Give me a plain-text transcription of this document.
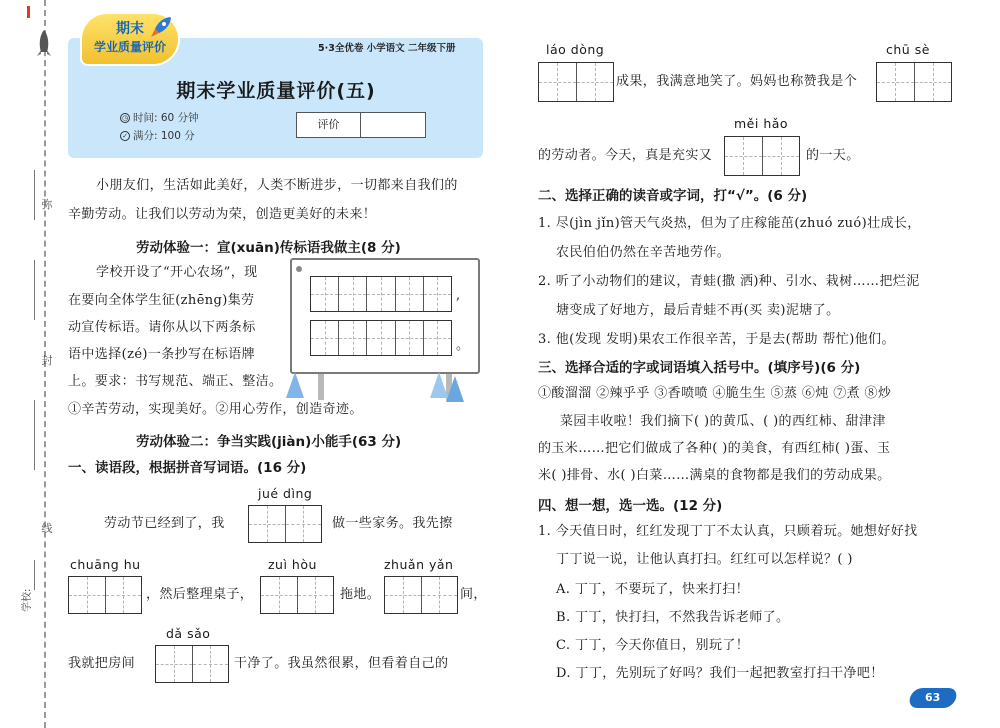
弥
封
线
学校:
期末
学业质量评价	5·3全优卷 小学语文 二年级下册
期末学业质量评价(五)
◷ 时间: 60 分钟
✓ 满分: 100 分
评价
小朋友们，生活如此美好，人类不断进步，一切都来自我们的
辛勤劳动。让我们以劳动为荣，创造更美好的未来！
劳动体验一：宣(xuān)传标语我做主(8 分)
学校开设了“开心农场”，现
在要向全体学生征(zhēng)集劳
动宣传标语。请你从以下两条标
语中选择(zé)一条抄写在标语牌
上。要求：书写规范、端正、整洁。
①辛苦劳动，实现美好。②用心劳作，创造奇迹。
,
。
劳动体验二：争当实践(jiàn)小能手(63 分)
一、读语段，根据拼音写词语。(16 分)
jué dìng
劳动节已经到了，我	做一些家务。我先擦
chuāng hu	zuì hòu	zhuǎn yǎn
，然后整理桌子，	拖地。	间，
dǎ sǎo
我就把房间	干净了。我虽然很累，但看着自己的
láo dòng	chū sè
成果，我满意地笑了。妈妈也称赞我是个
měi hǎo
的劳动者。今天，真是充实又	的一天。
二、选择正确的读音或字词，打“√”。(6 分)
1. 尽(jìn jǐn)管天气炎热，但为了庄稼能茁(zhuó zuó)壮成长，
农民伯伯仍然在辛苦地劳作。
2. 听了小动物们的建议，青蛙(撒 洒)种、引水、栽树……把烂泥
塘变成了好地方，最后青蛙不再(买 卖)泥塘了。
3. 他(发现 发明)果农工作很辛苦，于是去(帮助 帮忙)他们。
三、选择合适的字或词语填入括号中。(填序号)(6 分)
①酸溜溜 ②辣乎乎 ③香喷喷 ④脆生生 ⑤蒸 ⑥炖 ⑦煮 ⑧炒
菜园丰收啦！我们摘下( )的黄瓜、( )的西红柿、甜津津
的玉米……把它们做成了各种( )的美食，有西红柿( )蛋、玉
米( )排骨、水( )白菜……满桌的食物都是我们的劳动成果。
四、想一想，选一选。(12 分)
1. 今天值日时，红红发现丁丁不太认真，只顾着玩。她想好好找
丁丁说一说，让他认真打扫。红红可以怎样说？( )
A. 丁丁，不要玩了，快来打扫！
B. 丁丁，快打扫，不然我告诉老师了。
C. 丁丁，今天你值日，别玩了！
D. 丁丁，先别玩了好吗？我们一起把教室打扫干净吧！
63
